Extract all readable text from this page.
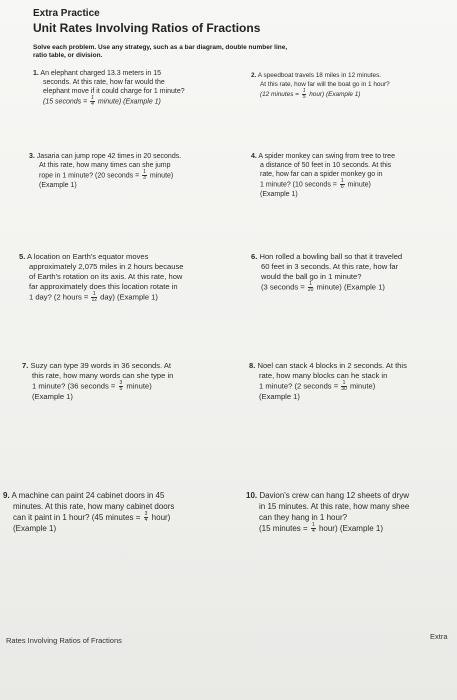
Extra Practice
Unit Rates Involving Ratios of Fractions
Solve each problem. Use any strategy, such as a bar diagram, double number line,
ratio table, or division.
1. An elephant charged 13.3 meters in 15
seconds. At this rate, how far would the
elephant move if it could charge for 1 minute?
(15 seconds = $\frac{1}{4}$ minute) (Example 1)
2. A speedboat travels 18 miles in 12 minutes.
At this rate, how far will the boat go in 1 hour?
(12 minutes = $\frac{1}{5}$ hour) (Example 1)
3. Jasaria can jump rope 42 times in 20 seconds.
At this rate, how many times can she jump
rope in 1 minute? (20 seconds = $\frac{1}{3}$ minute)
(Example 1)
4. A spider monkey can swing from tree to tree
a distance of 50 feet in 10 seconds. At this
rate, how far can a spider monkey go in
1 minute? (10 seconds = $\frac{1}{6}$ minute)
(Example 1)
5. A location on Earth's equator moves
approximately 2,075 miles in 2 hours because
of Earth's rotation on its axis. At this rate, how
far approximately does this location rotate in
1 day? (2 hours = $\frac{1}{12} day$) (Example 1)
6. Hon rolled a bowling ball so that it traveled
60 feet in 3 seconds. At this rate, how far
would the ball go in 1 minute?
(3 seconds = $\frac{1}{20}$ minute) (Example 1)
7. Suzy can type 39 words in 36 seconds. At
this rate, how many words can she type in
1 minute? (36 seconds = $\frac{3}{5}$ minute)
(Example 1)
8. Noel can stack 4 blocks in 2 seconds. At this
rate, how many blocks can he stack in
1 minute? (2 seconds = $\frac{1}{30}$ minute)
(Example 1)
9. A machine can paint 24 cabinet doors in 45
minutes. At this rate, how many cabinet doors
can it paint in 1 hour? (45 minutes = $\frac{3}{4}$ hour)
(Example 1)
10. Davion's crew can hang 12 sheets of dryw
in 15 minutes. At this rate, how many shee
can they hang in 1 hour?
(15 minutes = $\frac{1}{4}$ hour) (Example 1)
Rates Involving Ratios of Fractions	Extra
